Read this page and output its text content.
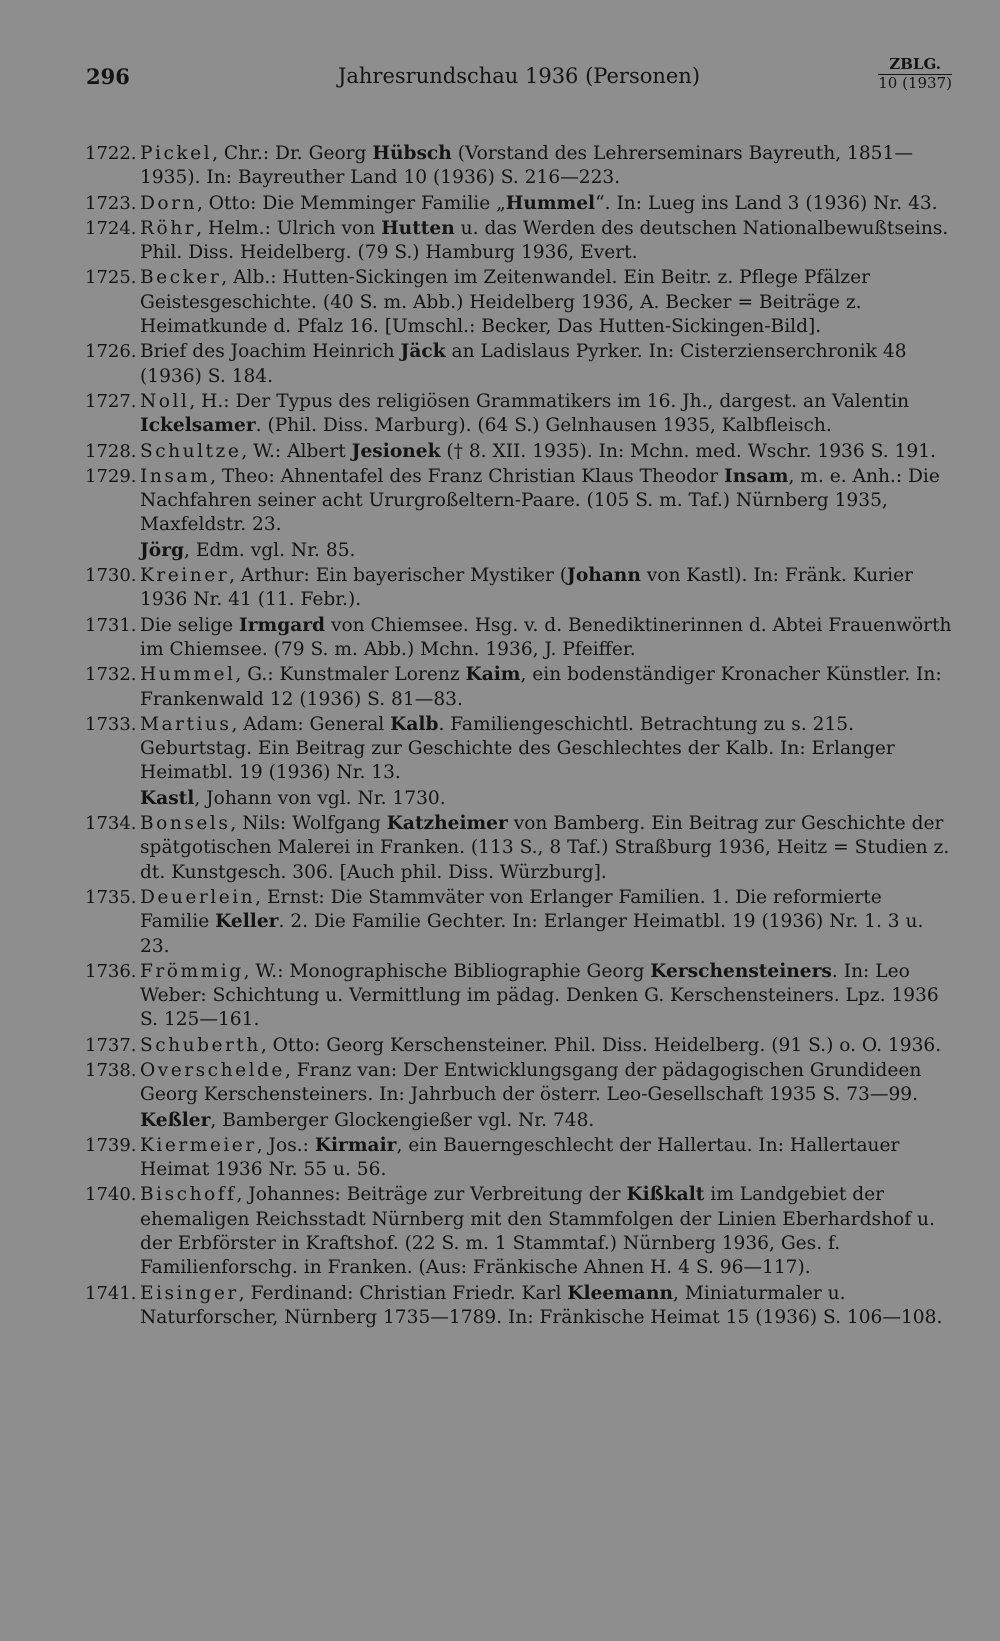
296	Jahresrundschau 1936 (Personen)	ZBLG.
10 (1937)
1722. Pickel, Chr.: Dr. Georg Hübsch (Vorstand des Lehrerseminars Bayreuth, 1851—1935). In: Bayreuther Land 10 (1936) S. 216—223.
1723. Dorn, Otto: Die Memminger Familie „Hummel“. In: Lueg ins Land 3 (1936) Nr. 43.
1724. Röhr, Helm.: Ulrich von Hutten u. das Werden des deutschen Nationalbewußtseins. Phil. Diss. Heidelberg. (79 S.) Hamburg 1936, Evert.
1725. Becker, Alb.: Hutten-Sickingen im Zeitenwandel. Ein Beitr. z. Pflege Pfälzer Geistesgeschichte. (40 S. m. Abb.) Heidelberg 1936, A. Becker = Beiträge z. Heimatkunde d. Pfalz 16. [Umschl.: Becker, Das Hutten-Sickingen-Bild].
1726. Brief des Joachim Heinrich Jäck an Ladislaus Pyrker. In: Cisterzienserchronik 48 (1936) S. 184.
1727. Noll, H.: Der Typus des religiösen Grammatikers im 16. Jh., dargest. an Valentin Ickelsamer. (Phil. Diss. Marburg). (64 S.) Gelnhausen 1935, Kalbfleisch.
1728. Schultze, W.: Albert Jesionek († 8. XII. 1935). In: Mchn. med. Wschr. 1936 S. 191.
1729. Insam, Theo: Ahnentafel des Franz Christian Klaus Theodor Insam, m. e. Anh.: Die Nachfahren seiner acht Ururgroßeltern-Paare. (105 S. m. Taf.) Nürnberg 1935, Maxfeldstr. 23.
Jörg, Edm. vgl. Nr. 85.
1730. Kreiner, Arthur: Ein bayerischer Mystiker (Johann von Kastl). In: Fränk. Kurier 1936 Nr. 41 (11. Febr.).
1731. Die selige Irmgard von Chiemsee. Hsg. v. d. Benediktinerinnen d. Abtei Frauenwörth im Chiemsee. (79 S. m. Abb.) Mchn. 1936, J. Pfeiffer.
1732. Hummel, G.: Kunstmaler Lorenz Kaim, ein bodenständiger Kronacher Künstler. In: Frankenwald 12 (1936) S. 81—83.
1733. Martius, Adam: General Kalb. Familiengeschichtl. Betrachtung zu s. 215. Geburtstag. Ein Beitrag zur Geschichte des Geschlechtes der Kalb. In: Erlanger Heimatbl. 19 (1936) Nr. 13.
Kastl, Johann von vgl. Nr. 1730.
1734. Bonsels, Nils: Wolfgang Katzheimer von Bamberg. Ein Beitrag zur Geschichte der spätgotischen Malerei in Franken. (113 S., 8 Taf.) Straßburg 1936, Heitz = Studien z. dt. Kunstgesch. 306. [Auch phil. Diss. Würzburg].
1735. Deuerlein, Ernst: Die Stammväter von Erlanger Familien. 1. Die reformierte Familie Keller. 2. Die Familie Gechter. In: Erlanger Heimatbl. 19 (1936) Nr. 1. 3 u. 23.
1736. Frömmig, W.: Monographische Bibliographie Georg Kerschensteiners. In: Leo Weber: Schichtung u. Vermittlung im pädag. Denken G. Kerschensteiners. Lpz. 1936 S. 125—161.
1737. Schuberth, Otto: Georg Kerschensteiner. Phil. Diss. Heidelberg. (91 S.) o. O. 1936.
1738. Overschelde, Franz van: Der Entwicklungsgang der pädagogischen Grundideen Georg Kerschensteiners. In: Jahrbuch der österr. Leo-Gesellschaft 1935 S. 73—99.
Keßler, Bamberger Glockengießer vgl. Nr. 748.
1739. Kiermeier, Jos.: Kirmair, ein Bauerngeschlecht der Hallertau. In: Hallertauer Heimat 1936 Nr. 55 u. 56.
1740. Bischoff, Johannes: Beiträge zur Verbreitung der Kißkalt im Landgebiet der ehemaligen Reichsstadt Nürnberg mit den Stammfolgen der Linien Eberhardshof u. der Erbförster in Kraftshof. (22 S. m. 1 Stammtaf.) Nürnberg 1936, Ges. f. Familienforschg. in Franken. (Aus: Fränkische Ahnen H. 4 S. 96—117).
1741. Eisinger, Ferdinand: Christian Friedr. Karl Kleemann, Miniaturmaler u. Naturforscher, Nürnberg 1735—1789. In: Fränkische Heimat 15 (1936) S. 106—108.
